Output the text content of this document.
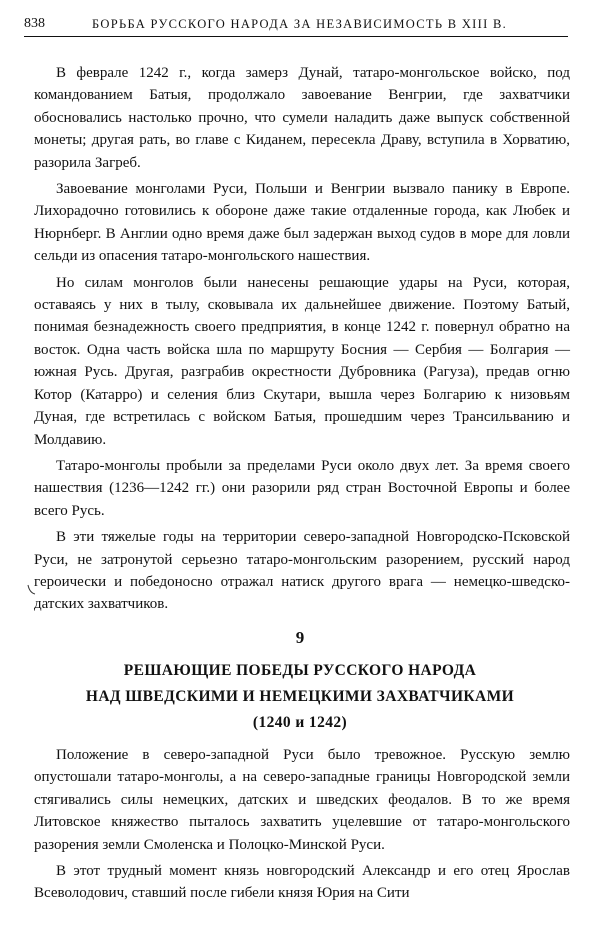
838	БОРЬБА РУССКОГО НАРОДА ЗА НЕЗАВИСИМОСТЬ В XIII В.

В феврале 1242 г., когда замерз Дунай, татаро-монгольское войско, под командованием Батыя, продолжало завоевание Венгрии, где захватчики обосновались настолько прочно, что сумели наладить даже выпуск собственной монеты; другая рать, во главе с Киданем, пересекла Драву, вступила в Хорватию, разорила Загреб.

Завоевание монголами Руси, Польши и Венгрии вызвало панику в Европе. Лихорадочно готовились к обороне даже такие отдаленные города, как Любек и Нюрнберг. В Англии одно время даже был задержан выход судов в море для ловли сельди из опасения татаро-монгольского нашествия.

Но силам монголов были нанесены решающие удары на Руси, которая, оставаясь у них в тылу, сковывала их дальнейшее движение. Поэтому Батый, понимая безнадежность своего предприятия, в конце 1242 г. повернул обратно на восток. Одна часть войска шла по маршруту Босния — Сербия — Болгария — южная Русь. Другая, разграбив окрестности Дубровника (Рагуза), предав огню Котор (Катарро) и селения близ Скутари, вышла через Болгарию к низовьям Дуная, где встретилась с войском Батыя, прошедшим через Трансильванию и Молдавию.

Татаро-монголы пробыли за пределами Руси около двух лет. За время своего нашествия (1236—1242 гг.) они разорили ряд стран Восточной Европы и более всего Русь.

В эти тяжелые годы на территории северо-западной Новгородско-Псковской Руси, не затронутой серьезно татаро-монгольским разорением, русский народ героически и победоносно отражал натиск другого врага — немецко-шведско-датских захватчиков.

9
РЕШАЮЩИЕ ПОБЕДЫ РУССКОГО НАРОДА
НАД ШВЕДСКИМИ И НЕМЕЦКИМИ ЗАХВАТЧИКАМИ
(1240 и 1242)

Положение в северо-западной Руси было тревожное. Русскую землю опустошали татаро-монголы, а на северо-западные границы Новгородской земли стягивались силы немецких, датских и шведских феодалов. В то же время Литовское княжество пыталось захватить уцелевшие от татаро-монгольского разорения земли Смоленска и Полоцко-Минской Руси.

В этот трудный момент князь новгородский Александр и его отец Ярослав Всеволодович, ставший после гибели князя Юрия на Сити
